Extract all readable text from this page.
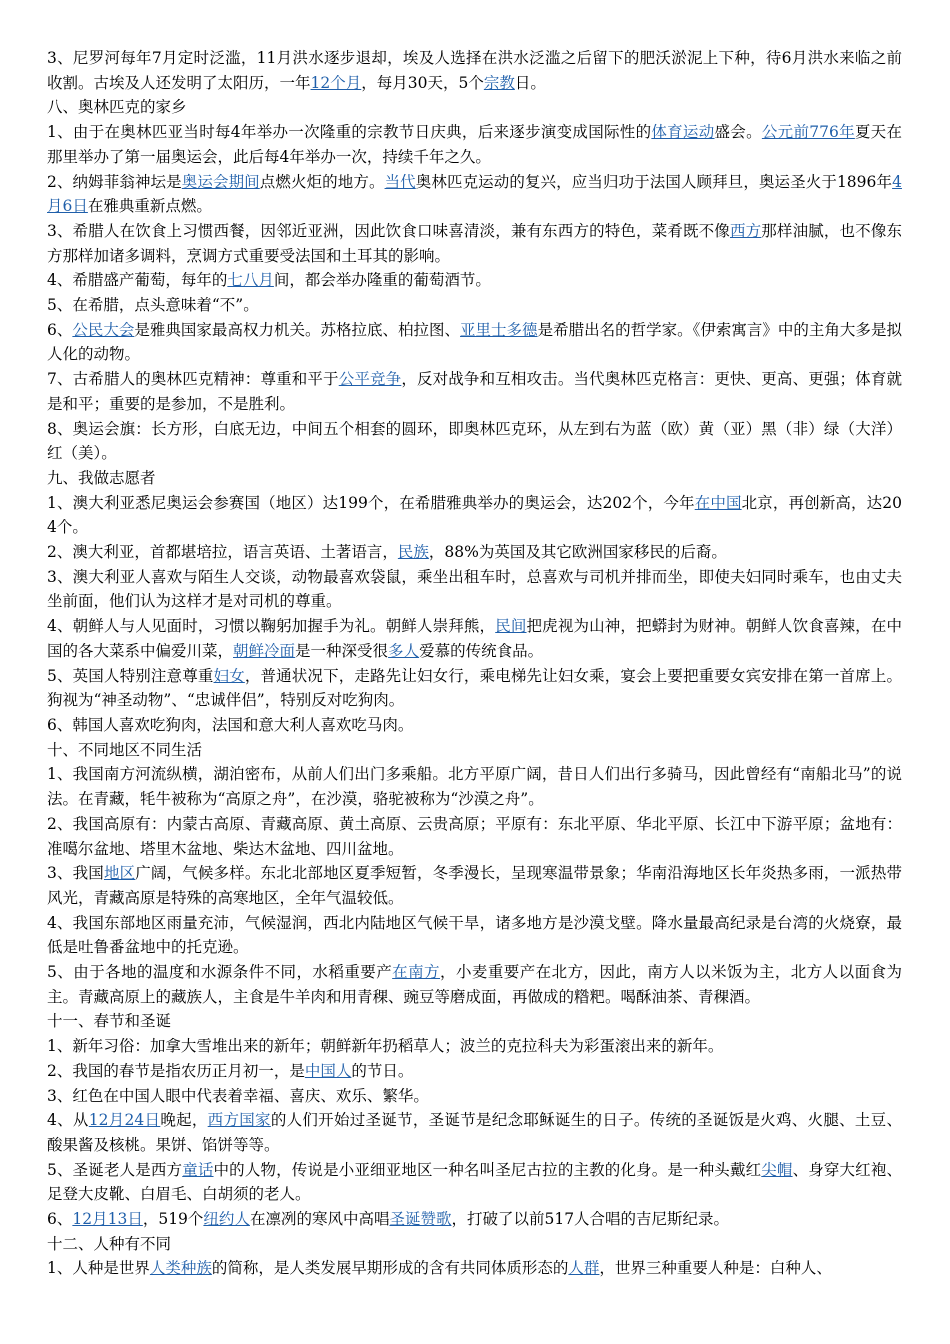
3、尼罗河每年7月定时泛滥，11月洪水逐步退却，埃及人选择在洪水泛滥之后留下的肥沃淤泥上下种，待6月洪水来临之前收割。古埃及人还发明了太阳历，一年12个月，每月30天，5个宗教日。

八、奥林匹克的家乡

1、由于在奥林匹亚当时每4年举办一次隆重的宗教节日庆典，后来逐步演变成国际性的体育运动盛会。公元前776年夏天在那里举办了第一届奥运会，此后每4年举办一次，持续千年之久。

2、纳姆菲翁神坛是奥运会期间点燃火炬的地方。当代奥林匹克运动的复兴，应当归功于法国人顾拜旦，奥运圣火于1896年4月6日在雅典重新点燃。

3、希腊人在饮食上习惯西餐，因邻近亚洲，因此饮食口味喜清淡，兼有东西方的特色，菜肴既不像西方那样油腻，也不像东方那样加诸多调料，烹调方式重要受法国和土耳其的影响。

4、希腊盛产葡萄，每年的七八月间，都会举办隆重的葡萄酒节。

5、在希腊，点头意味着“不”。

6、公民大会是雅典国家最高权力机关。苏格拉底、柏拉图、亚里士多德是希腊出名的哲学家。《伊索寓言》中的主角大多是拟人化的动物。

7、古希腊人的奥林匹克精神：尊重和平于公平竞争，反对战争和互相攻击。当代奥林匹克格言：更快、更高、更强；体育就是和平；重要的是参加，不是胜利。

8、奥运会旗：长方形，白底无边，中间五个相套的圆环，即奥林匹克环，从左到右为蓝（欧）黄（亚）黑（非）绿（大洋）红（美）。

九、我做志愿者

1、澳大利亚悉尼奥运会参赛国（地区）达199个，在希腊雅典举办的奥运会，达202个，今年在中国北京，再创新高，达204个。

2、澳大利亚，首都堪培拉，语言英语、土著语言，民族，88%为英国及其它欧洲国家移民的后裔。

3、澳大利亚人喜欢与陌生人交谈，动物最喜欢袋鼠，乘坐出租车时，总喜欢与司机并排而坐，即使夫妇同时乘车，也由丈夫坐前面，他们认为这样才是对司机的尊重。

4、朝鲜人与人见面时，习惯以鞠躬加握手为礼。朝鲜人崇拜熊，民间把虎视为山神，把蟒封为财神。朝鲜人饮食喜辣，在中国的各大菜系中偏爱川菜，朝鲜冷面是一种深受很多人爱慕的传统食品。

5、英国人特别注意尊重妇女，普通状况下，走路先让妇女行，乘电梯先让妇女乘，宴会上要把重要女宾安排在第一首席上。狗视为“神圣动物”、“忠诚伴侣”，特别反对吃狗肉。

6、韩国人喜欢吃狗肉，法国和意大利人喜欢吃马肉。

十、不同地区不同生活

1、我国南方河流纵横，湖泊密布，从前人们出门多乘船。北方平原广阔，昔日人们出行多骑马，因此曾经有“南船北马”的说法。在青藏，牦牛被称为“高原之舟”，在沙漠，骆驼被称为“沙漠之舟”。

2、我国高原有：内蒙古高原、青藏高原、黄土高原、云贵高原；平原有：东北平原、华北平原、长江中下游平原；盆地有：准噶尔盆地、塔里木盆地、柴达木盆地、四川盆地。

3、我国地区广阔，气候多样。东北北部地区夏季短暂，冬季漫长，呈现寒温带景象；华南沿海地区长年炎热多雨，一派热带风光，青藏高原是特殊的高寒地区，全年气温较低。

4、我国东部地区雨量充沛，气候湿润，西北内陆地区气候干旱，诸多地方是沙漠戈壁。降水量最高纪录是台湾的火烧寮，最低是吐鲁番盆地中的托克逊。

5、由于各地的温度和水源条件不同，水稻重要产在南方，小麦重要产在北方，因此，南方人以米饭为主，北方人以面食为主。青藏高原上的藏族人，主食是牛羊肉和用青稞、豌豆等磨成面，再做成的糌粑。喝酥油茶、青稞酒。

十一、春节和圣诞

1、新年习俗：加拿大雪堆出来的新年；朝鲜新年扔稻草人；波兰的克拉科夫为彩蛋滚出来的新年。

2、我国的春节是指农历正月初一，是中国人的节日。

3、红色在中国人眼中代表着幸福、喜庆、欢乐、繁华。

4、从12月24日晚起，西方国家的人们开始过圣诞节，圣诞节是纪念耶稣诞生的日子。传统的圣诞饭是火鸡、火腿、土豆、酸果酱及核桃。果饼、馅饼等等。

5、圣诞老人是西方童话中的人物，传说是小亚细亚地区一种名叫圣尼古拉的主教的化身。是一种头戴红尖帽、身穿大红袍、足登大皮靴、白眉毛、白胡须的老人。

6、12月13日，519个纽约人在凛冽的寒风中高唱圣诞赞歌，打破了以前517人合唱的吉尼斯纪录。

十二、人种有不同

1、人种是世界人类种族的简称，是人类发展早期形成的含有共同体质形态的人群，世界三种重要人种是：白种人、
